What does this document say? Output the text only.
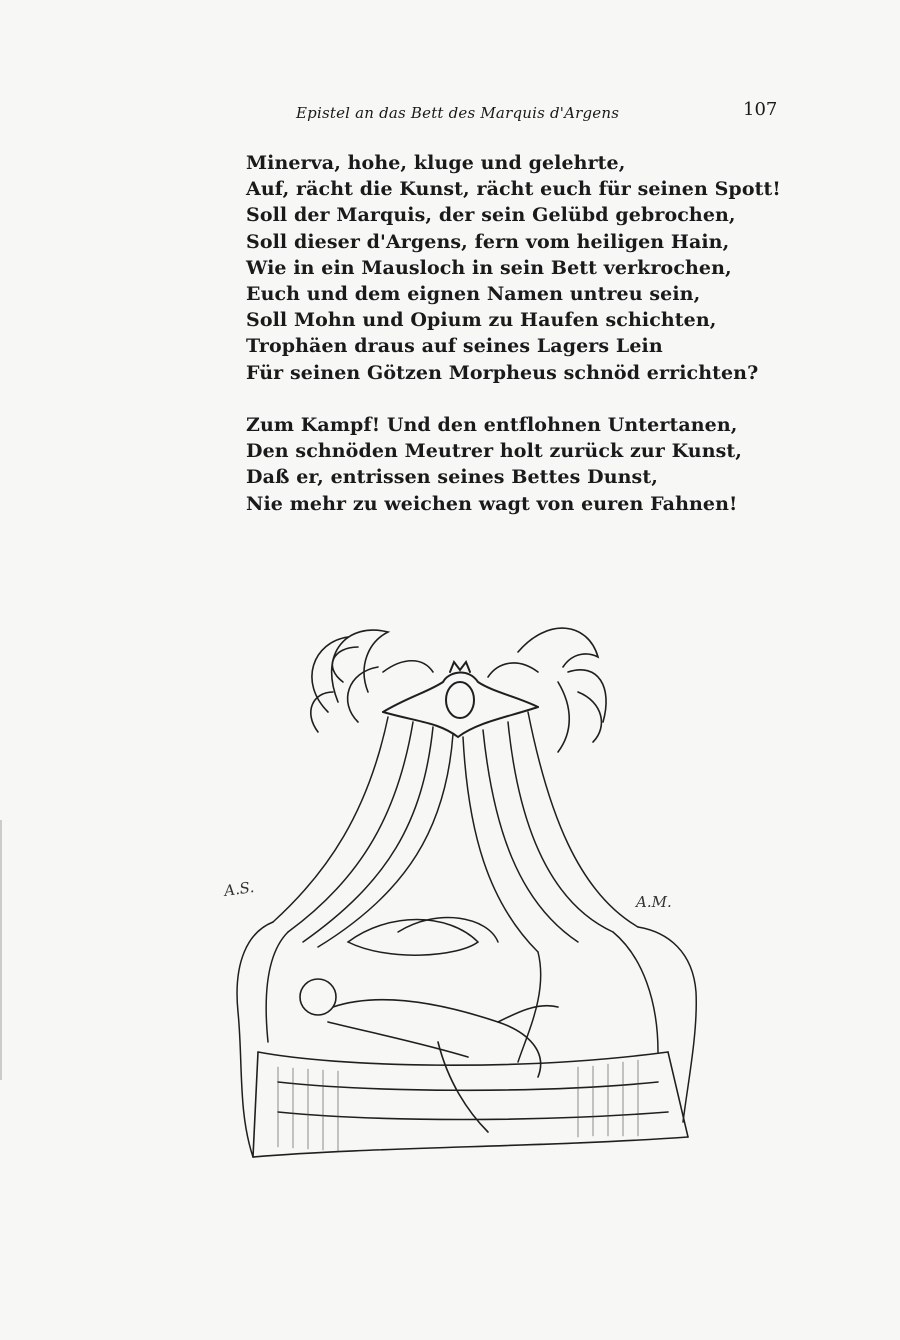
Epistel an das Bett des Marquis d'Argens	107
Minerva, hohe, kluge und gelehrte,
Auf, rächt die Kunst, rächt euch für seinen Spott!
Soll der Marquis, der sein Gelübd gebrochen,
Soll dieser d'Argens, fern vom heiligen Hain,
Wie in ein Mausloch in sein Bett verkrochen,
Euch und dem eignen Namen untreu sein,
Soll Mohn und Opium zu Haufen schichten,
Trophäen draus auf seines Lagers Lein
Für seinen Götzen Morpheus schnöd errichten?
Zum Kampf! Und den entflohnen Untertanen,
Den schnöden Meutrer holt zurück zur Kunst,
Daß er, entrissen seines Bettes Dunst,
Nie mehr zu weichen wagt von euren Fahnen!
A.S.
A.M.
